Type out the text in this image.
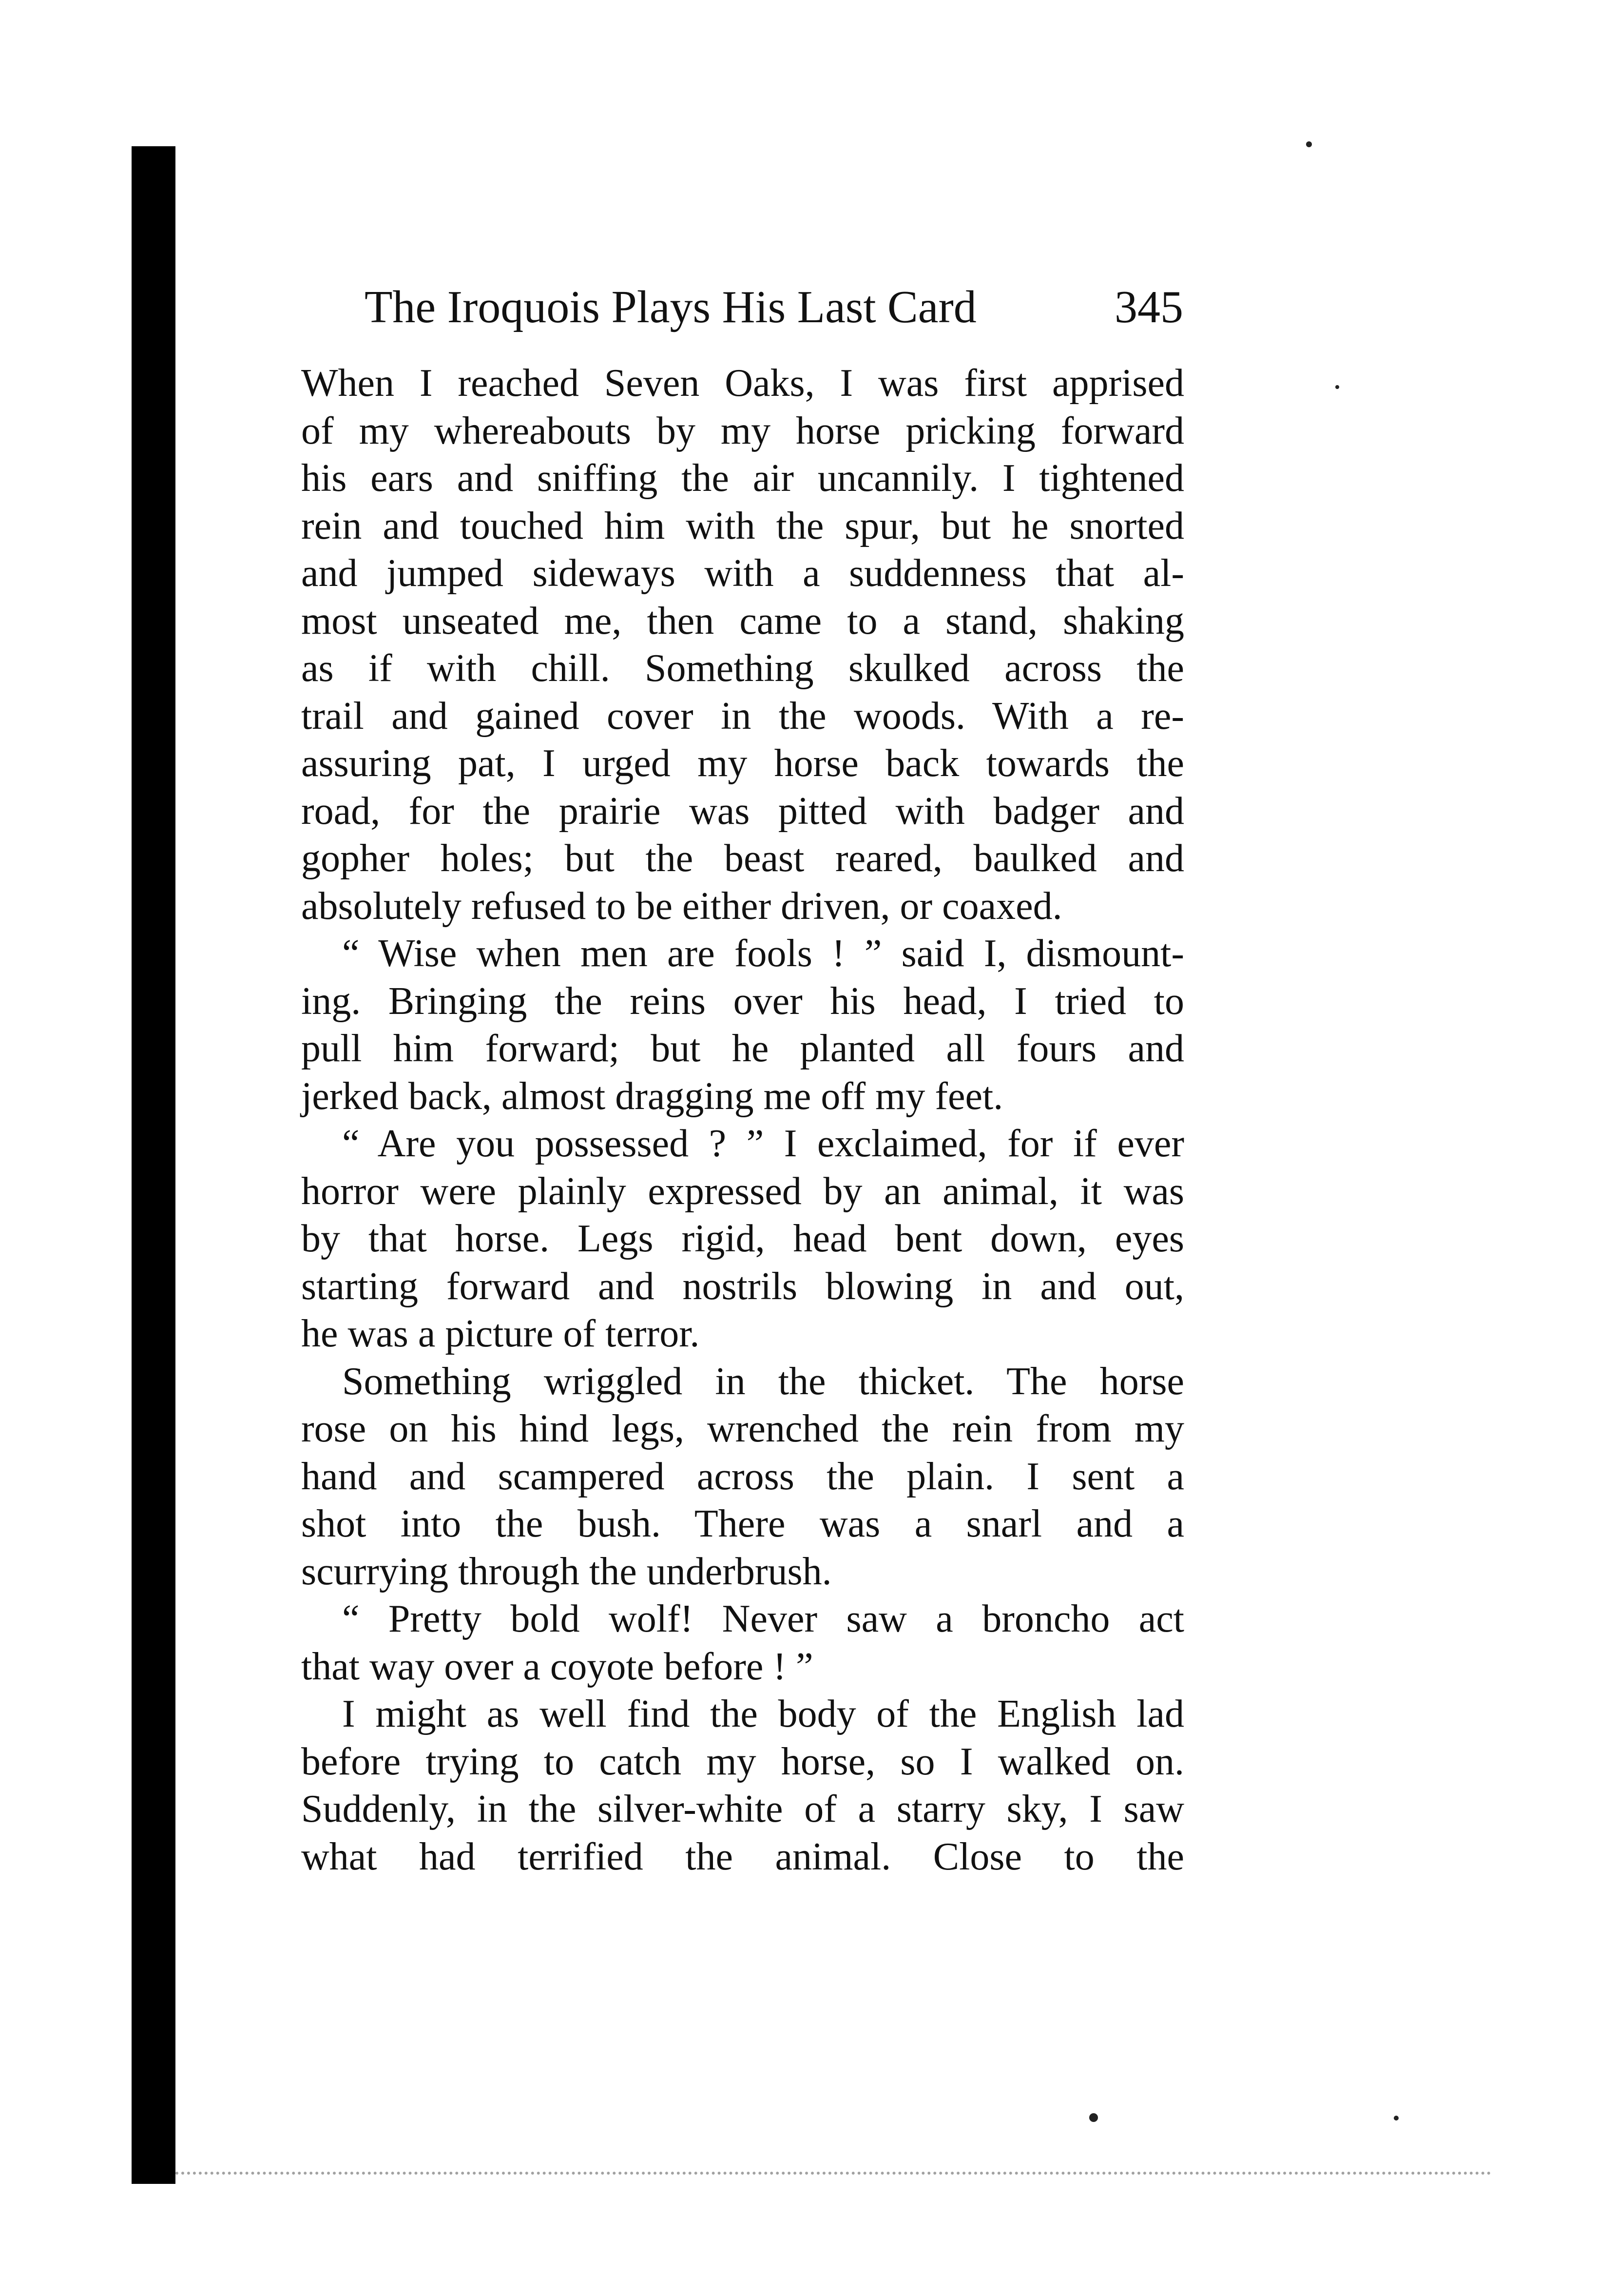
The Iroquois Plays His Last Card	345
When I reached Seven Oaks, I was first apprised
of my whereabouts by my horse pricking forward
his ears and sniffing the air uncannily. I tightened
rein and touched him with the spur, but he snorted
and jumped sideways with a suddenness that al-
most unseated me, then came to a stand, shaking
as if with chill. Something skulked across the
trail and gained cover in the woods. With a re-
assuring pat, I urged my horse back towards the
road, for the prairie was pitted with badger and
gopher holes; but the beast reared, baulked and
absolutely refused to be either driven, or coaxed.
“ Wise when men are fools ! ” said I, dismount-
ing. Bringing the reins over his head, I tried to
pull him forward; but he planted all fours and
jerked back, almost dragging me off my feet.
“ Are you possessed ? ” I exclaimed, for if ever
horror were plainly expressed by an animal, it was
by that horse. Legs rigid, head bent down, eyes
starting forward and nostrils blowing in and out,
he was a picture of terror.
Something wriggled in the thicket. The horse
rose on his hind legs, wrenched the rein from my
hand and scampered across the plain. I sent a
shot into the bush. There was a snarl and a
scurrying through the underbrush.
“ Pretty bold wolf! Never saw a broncho act
that way over a coyote before ! ”
I might as well find the body of the English lad
before trying to catch my horse, so I walked on.
Suddenly, in the silver-white of a starry sky, I saw
what had terrified the animal. Close to the
